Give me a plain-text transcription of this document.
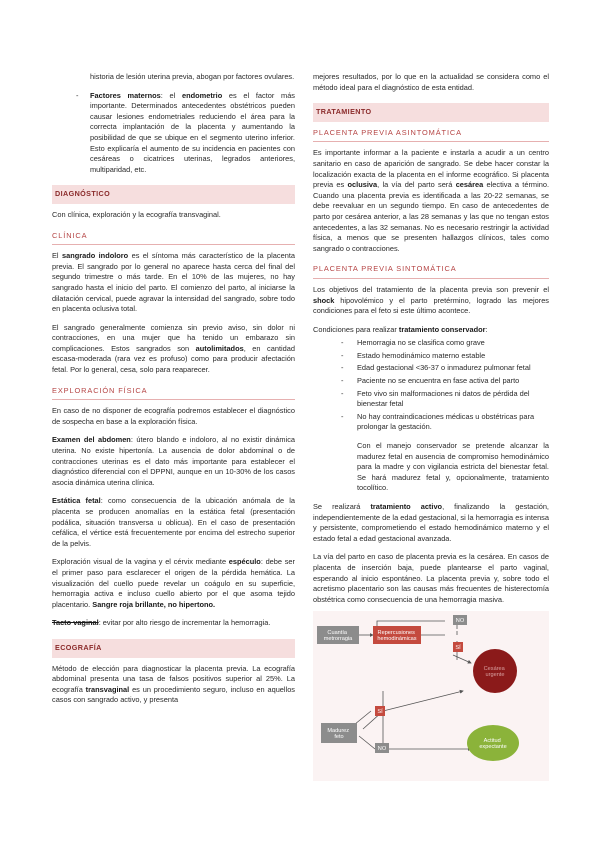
historia de lesión uterina previa, abogan por factores ovulares.

- Factores maternos: el endometrio es el factor más importante. Determinados antecedentes obstétricos pueden causar lesiones endometriales reduciendo el área para la correcta implantación de la placenta y aumentando la posibilidad de que se ubique en el segmento uterino inferior. Esto explicaría el aumento de su incidencia en pacientes con cesáreas o cicatrices uterinas, legrados anteriores, multiparidad, etc.
DIAGNÓSTICO

Con clínica, exploración y la ecografía transvaginal.

CLÍNICA

El sangrado indoloro es el síntoma más característico de la placenta previa. El sangrado por lo general no aparece hasta cerca del final del segundo trimestre o más tarde. En el 10% de las mujeres, no hay sangrado hasta el inicio del parto. El comienzo del parto, al iniciarse la dilatación cervical, puede agravar la intensidad del sangrado, sobre todo en placenta oclusiva total.

El sangrado generalmente comienza sin previo aviso, sin dolor ni contracciones, en una mujer que ha tenido un embarazo sin complicaciones. Estos sangrados son autolimitados, en cantidad escasa-moderada (rara vez es profuso) como para producir afectación fetal. Por lo general, cesa, solo para reaparecer.

EXPLORACIÓN FÍSICA

En caso de no disponer de ecografía podremos establecer el diagnóstico de sospecha en base a la exploración física.

Examen del abdomen: útero blando e indoloro, al no existir dinámica uterina. No existe hipertonía. La ausencia de dolor abdominal o de contracciones uterinas es el dato más importante para establecer el diagnóstico diferencial con el DPPNI, aunque en un 10-30% de los casos asocia dinámica uterina clínica.

Estática fetal: como consecuencia de la ubicación anómala de la placenta se producen anomalías en la estática fetal (presentación podálica, situación transversa u oblicua). En el caso de presentación cefálica, el vértice está frecuentemente por encima del estrecho superior de la pelvis.

Exploración visual de la vagina y el cérvix mediante espéculo: debe ser el primer paso para esclarecer el origen de la pérdida hemática. La visualización del cuello puede revelar un coágulo en su superficie, hemorragia activa e incluso cuello abierto por el que asoma tejido placentario. Sangre roja brillante, no hipertono.

Tacto vaginal: evitar por alto riesgo de incrementar la hemorragia.

ECOGRAFÍA

Método de elección para diagnosticar la placenta previa. La ecografía abdominal presenta una tasa de falsos positivos superior al 25%. La ecografía transvaginal es un procedimiento seguro, incluso en aquellos casos con sangrado activo, y presenta

mejores resultados, por lo que en la actualidad se considera como el método ideal para el diagnóstico de esta entidad.

TRATAMIENTO
PLACENTA PREVIA ASINTOMÁTICA

Es importante informar a la paciente e instarla a acudir a un centro sanitario en caso de aparición de sangrado. Se debe hacer constar la localización exacta de la placenta en el informe ecográfico. Si placenta previa es oclusiva, la vía del parto será cesárea electiva a término. Cuando una placenta previa es identificada a las 20-22 semanas, se debe reevaluar en un segundo tiempo. En caso de antecedentes de parto por cesárea anterior, a las 28 semanas y las que no tengan estos antecedentes, a las 32 semanas. No es necesario restringir la actividad física, a menos que se presenten hallazgos clínicos, tales como sangrado o contracciones.

PLACENTA PREVIA SINTOMÁTICA

Los objetivos del tratamiento de la placenta previa son prevenir el shock hipovolémico y el parto pretérmino, logrado las mejores condiciones para el feto si este último acontece.

Condiciones para realizar tratamiento conservador:

- Hemorragia no se clasifica como grave
- Estado hemodinámico materno estable
- Edad gestacional <36-37 o inmadurez pulmonar fetal
- Paciente no se encuentra en fase activa del parto
- Feto vivo sin malformaciones ni datos de pérdida del bienestar fetal
- No hay contraindicaciones médicas u obstétricas para prolongar la gestación.

Con el manejo conservador se pretende alcanzar la madurez fetal en ausencia de compromiso hemodinámico para la madre y con vigilancia estricta del bienestar fetal. Se hará madurez fetal y, opcionalmente, tratamiento tocolítico.

Se realizará tratamiento activo, finalizando la gestación, independientemente de la edad gestacional, si la hemorragia es intensa y persistente, comprometiendo el estado hemodinámico materno y el estado fetal a edad gestacional avanzada.

La vía del parto en caso de placenta previa es la cesárea. En casos de placenta de inserción baja, puede plantearse el parto vaginal, esperando al inicio espontáneo. La placenta previa y, sobre todo el acretismo placentario son las causas más frecuentes de histerectomía obstétrica como consecuencia de una hemorragia masiva.

Cuantía metrorragia
Repercusiones hemodinámicas
NO
SÍ
Cesárea urgente
SÍ
Madurez feto
NO
Actitud expectante
